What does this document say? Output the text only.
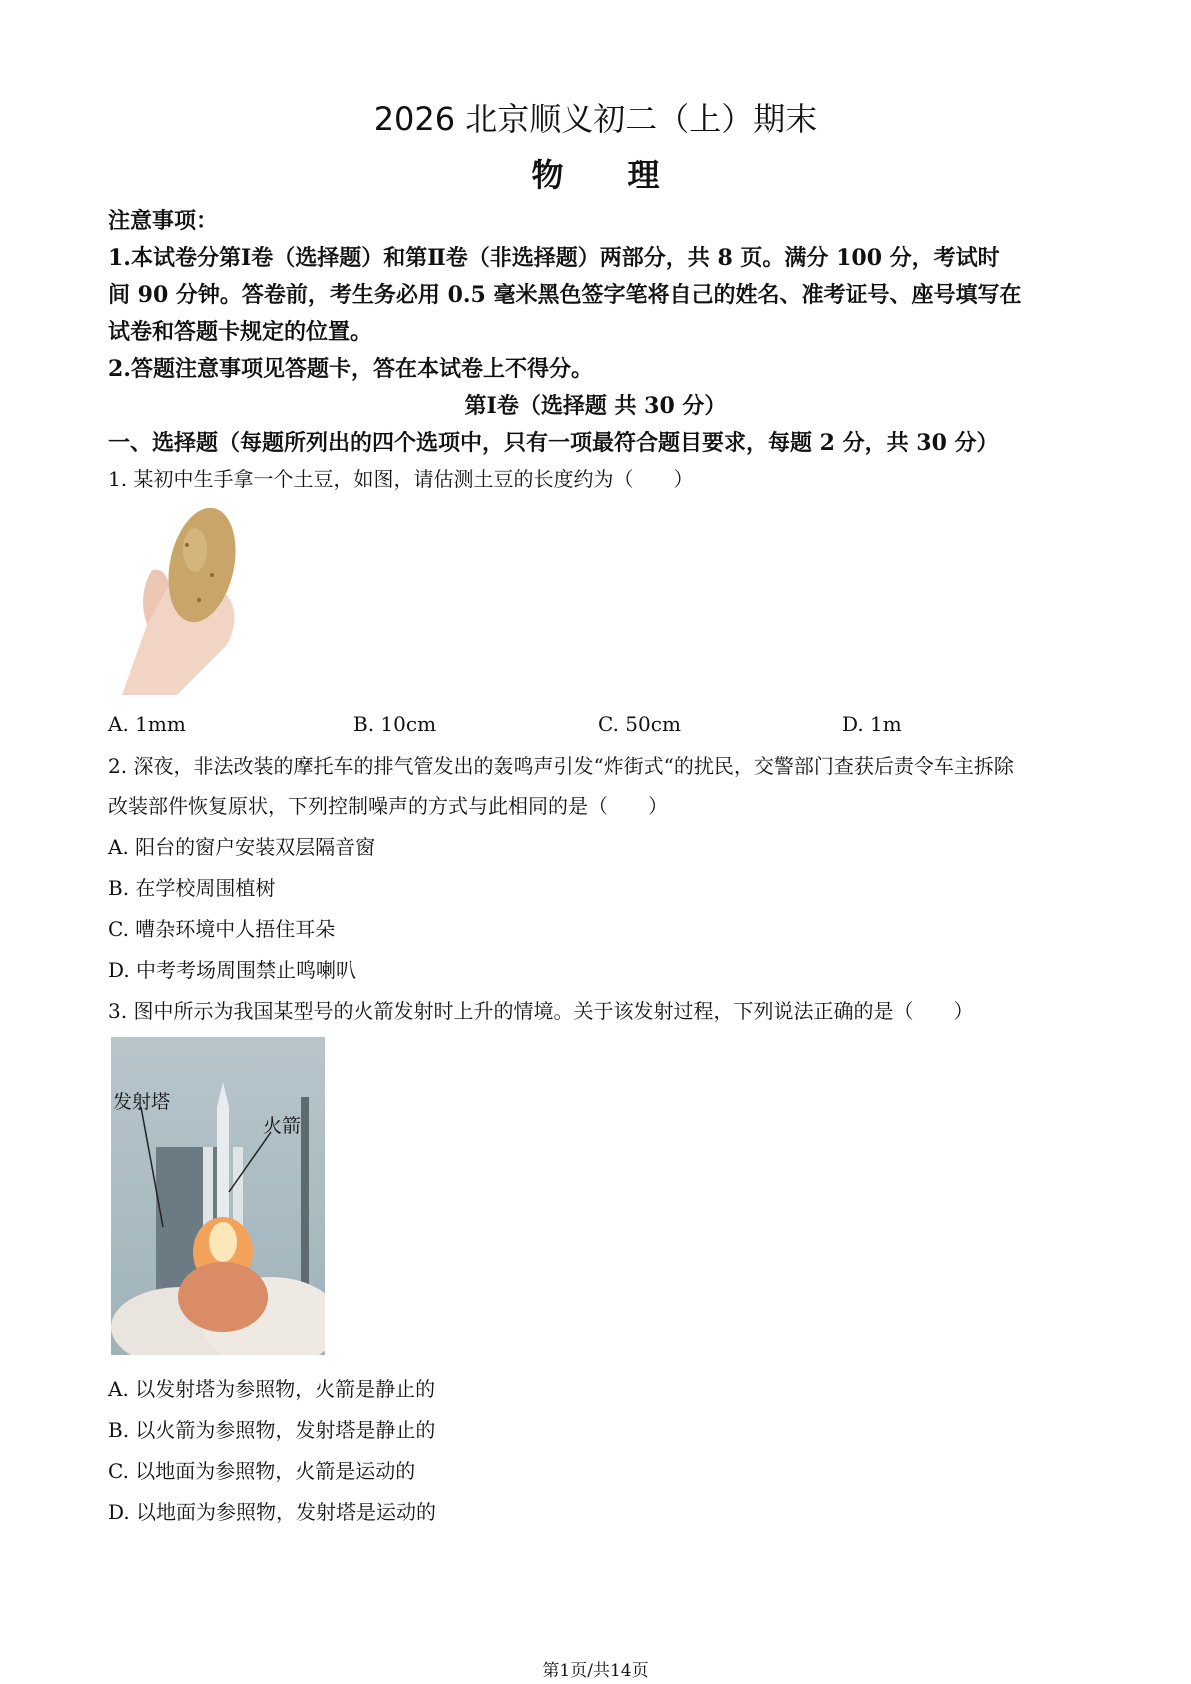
2026 北京顺义初二（上）期末
物　　理
注意事项：
1.本试卷分第Ⅰ卷（选择题）和第Ⅱ卷（非选择题）两部分，共 8 页。满分 100 分，考试时
间 90 分钟。答卷前，考生务必用 0.5 毫米黑色签字笔将自己的姓名、准考证号、座号填写在
试卷和答题卡规定的位置。
2.答题注意事项见答题卡，答在本试卷上不得分。
第Ⅰ卷（选择题 共 30 分）
一、选择题（每题所列出的四个选项中，只有一项最符合题目要求，每题 2 分，共 30 分）
1. 某初中生手拿一个土豆，如图，请估测土豆的长度约为（　　）
A. 1mm	B. 10cm	C. 50cm	D. 1m
2. 深夜，非法改装的摩托车的排气管发出的轰鸣声引发“炸街式“的扰民，交警部门查获后责令车主拆除
改装部件恢复原状，下列控制噪声的方式与此相同的是（　　）
A. 阳台的窗户安装双层隔音窗
B. 在学校周围植树
C. 嘈杂环境中人捂住耳朵
D. 中考考场周围禁止鸣喇叭
3. 图中所示为我国某型号的火箭发射时上升的情境。关于该发射过程，下列说法正确的是（　　）
发射塔
火箭
A. 以发射塔为参照物，火箭是静止的
B. 以火箭为参照物，发射塔是静止的
C. 以地面为参照物，火箭是运动的
D. 以地面为参照物，发射塔是运动的
第1页/共14页
